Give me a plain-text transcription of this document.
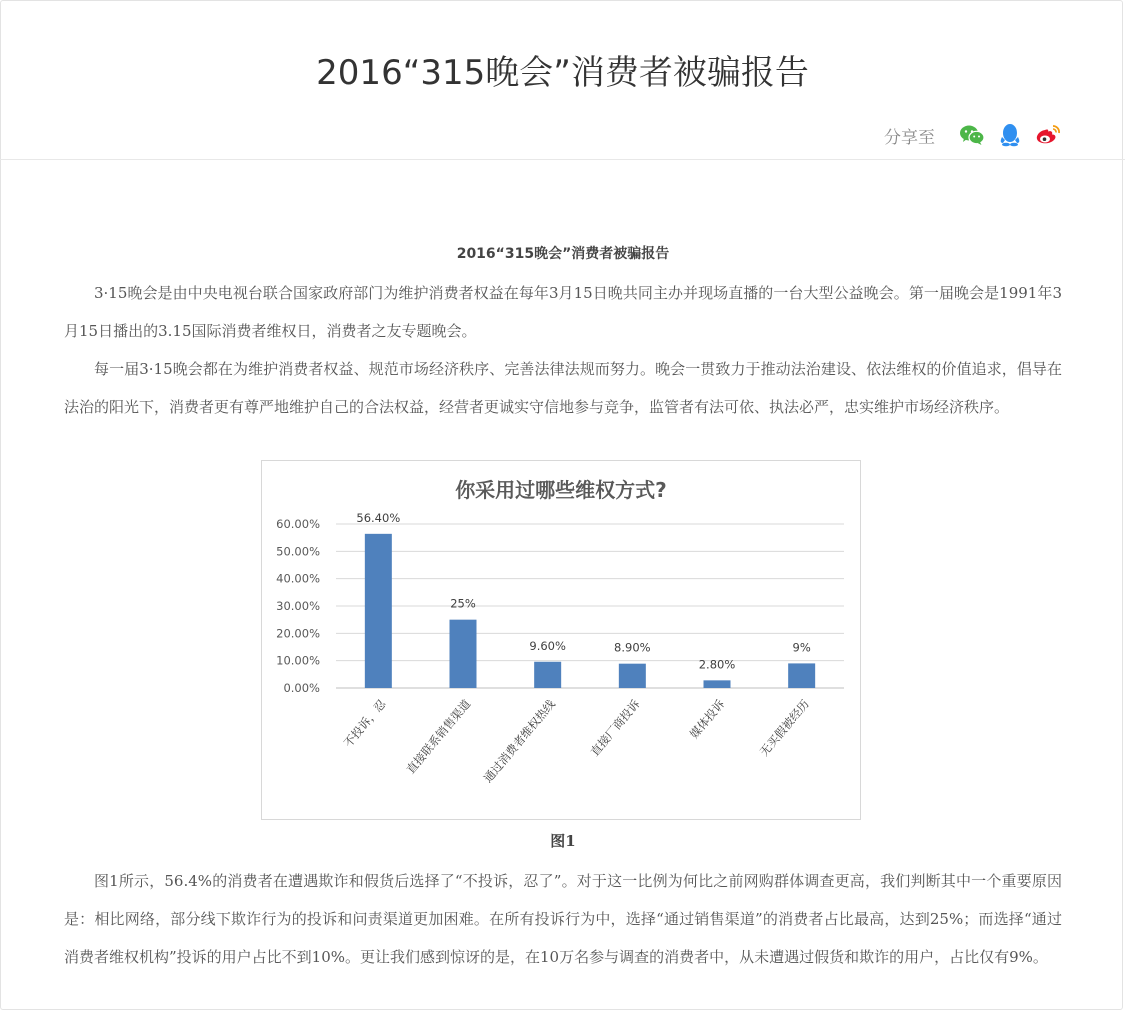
2016“315晚会”消费者被骗报告
分享至
2016“315晚会”消费者被骗报告

3·15晚会是由中央电视台联合国家政府部门为维护消费者权益在每年3月15日晚共同主办并现场直播的一台大型公益晚会。第一届晚会是1991年3月15日播出的3.15国际消费者维权日，消费者之友专题晚会。

每一届3·15晚会都在为维护消费者权益、规范市场经济秩序、完善法律法规而努力。晚会一贯致力于推动法治建设、依法维权的价值追求，倡导在法治的阳光下，消费者更有尊严地维护自己的合法权益，经营者更诚实守信地参与竞争，监管者有法可依、执法必严，忠实维护市场经济秩序。

你采用过哪些维权方式?
0.00%
10.00%
20.00%
30.00%
40.00%
50.00%
60.00%	56.40%
不投诉，忍
25%
直接联系销售渠道
9.60%
通过消费者维权热线
8.90%
直接厂商投诉
2.80%
媒体投诉
9%
无买假被经历
图1

图1所示，56.4%的消费者在遭遇欺诈和假货后选择了“不投诉，忍了”。对于这一比例为何比之前网购群体调查更高，我们判断其中一个重要原因是：相比网络，部分线下欺诈行为的投诉和问责渠道更加困难。在所有投诉行为中，选择“通过销售渠道”的消费者占比最高，达到25%；而选择“通过消费者维权机构”投诉的用户占比不到10%。更让我们感到惊讶的是，在10万名参与调查的消费者中，从未遭遇过假货和欺诈的用户，占比仅有9%。
